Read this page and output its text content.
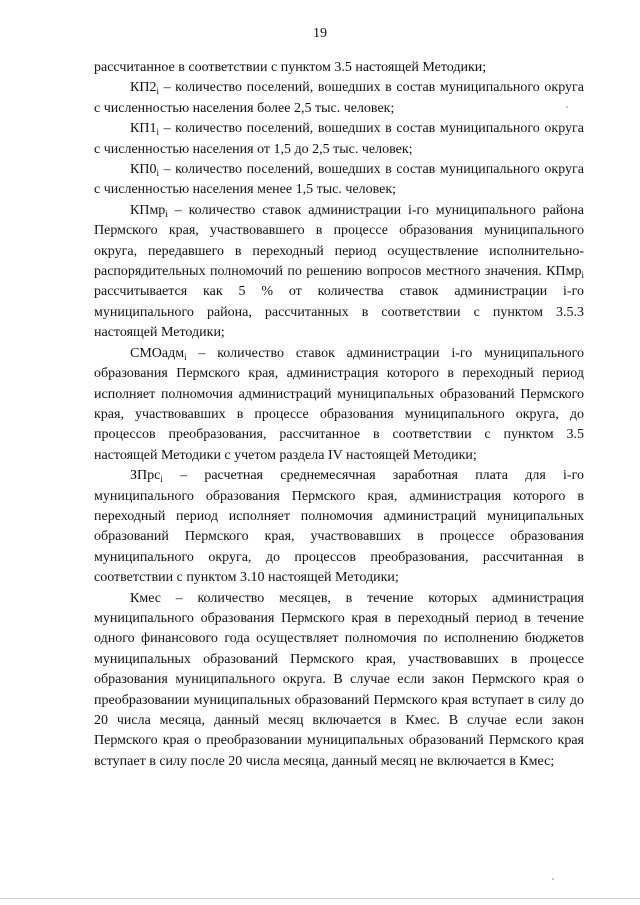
19

рассчитанное в соответствии с пунктом 3.5 настоящей Методики;

$КП2_i$ – количество поселений, вошедших в состав муниципального округа с численностью населения более 2,5 тыс. человек;

$КП1_i$ – количество поселений, вошедших в состав муниципального округа с численностью населения от 1,5 до 2,5 тыс. человек;

$КП0_i$ – количество поселений, вошедших в состав муниципального округа с численностью населения менее 1,5 тыс. человек;

КПмр$_i$ – количество ставок администрации i-го муниципального района Пермского края, участвовавшего в процессе образования муниципального округа, передавшего в переходный период осуществление исполнительно-распорядительных полномочий по решению вопросов местного значения. КПмр$_i$ рассчитывается как 5 % от количества ставок администрации i-го муниципального района, рассчитанных в соответствии с пунктом 3.5.3 настоящей Методики;

СМОадм$_i$ – количество ставок администрации i-го муниципального образования Пермского края, администрация которого в переходный период исполняет полномочия администраций муниципальных образований Пермского края, участвовавших в процессе образования муниципального округа, до процессов преобразования, рассчитанное в соответствии с пунктом 3.5 настоящей Методики с учетом раздела IV настоящей Методики;

ЗПрс$_i$ – расчетная среднемесячная заработная плата для i-го муниципального образования Пермского края, администрация которого в переходный период исполняет полномочия администраций муниципальных образований Пермского края, участвовавших в процессе образования муниципального округа, до процессов преобразования, рассчитанная в соответствии с пунктом 3.10 настоящей Методики;

Кмес – количество месяцев, в течение которых администрация муниципального образования Пермского края в переходный период в течение одного финансового года осуществляет полномочия по исполнению бюджетов муниципальных образований Пермского края, участвовавших в процессе образования муниципального округа. В случае если закон Пермского края о преобразовании муниципальных образований Пермского края вступает в силу до 20 числа месяца, данный месяц включается в Кмес. В случае если закон Пермского края о преобразовании муниципальных образований Пермского края вступает в силу после 20 числа месяца, данный месяц не включается в Кмес;
